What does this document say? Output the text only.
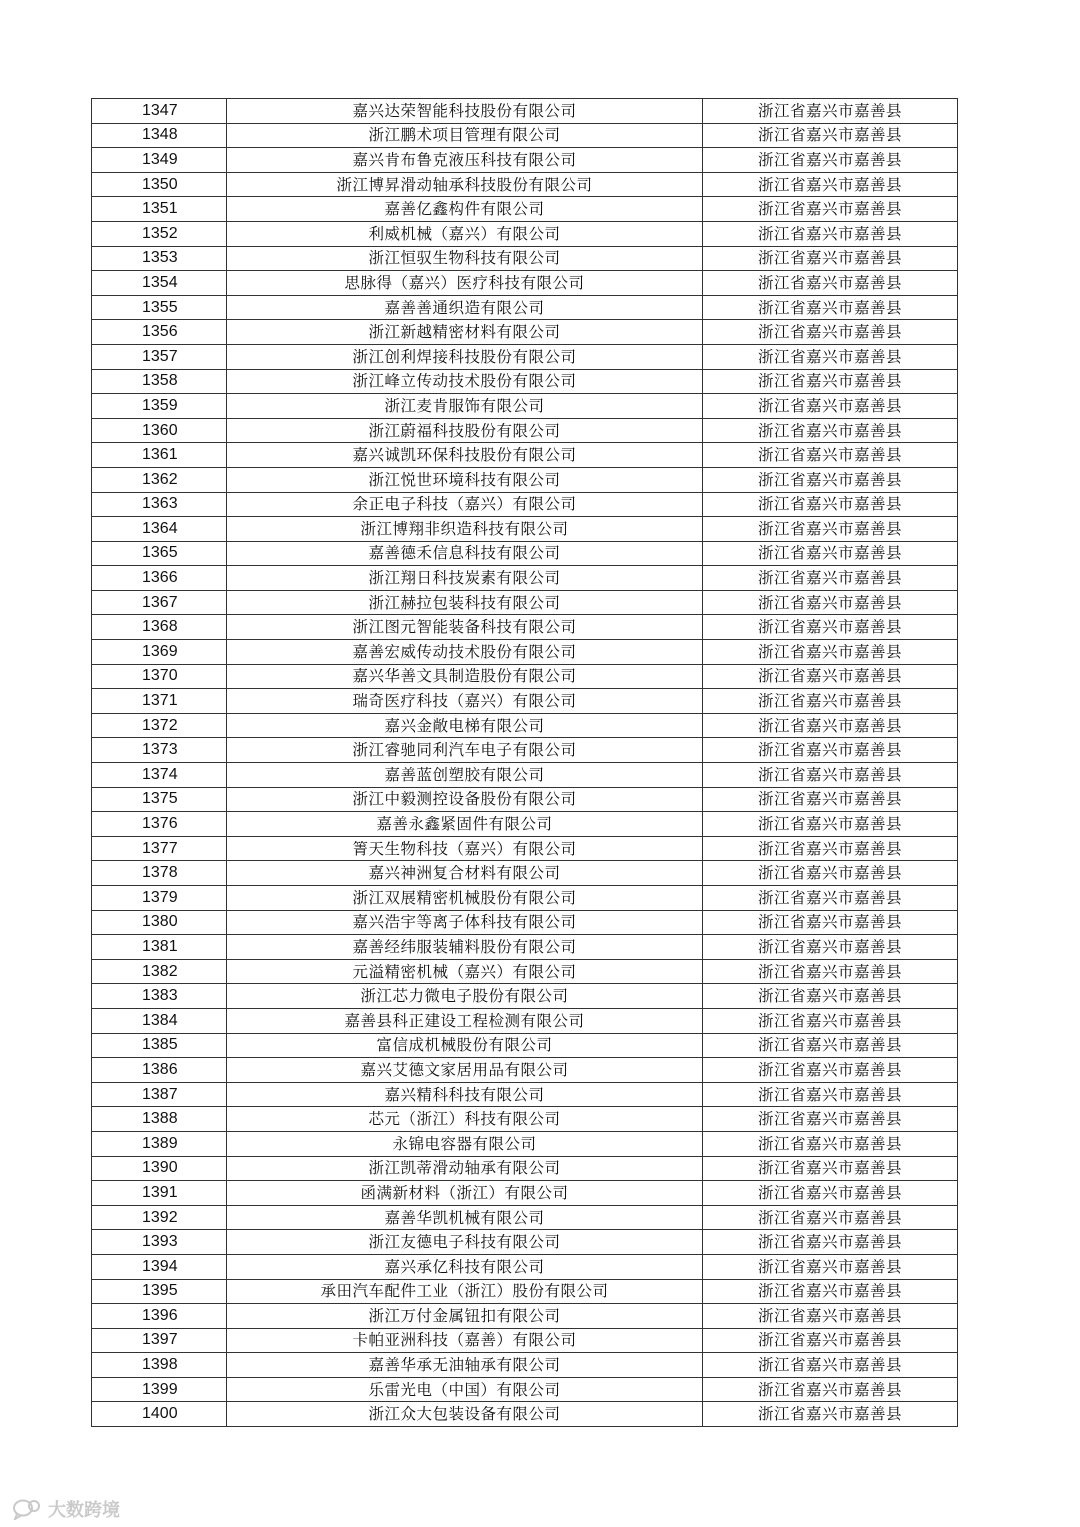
1347	嘉兴达荣智能科技股份有限公司	浙江省嘉兴市嘉善县
1348	浙江鹏术项目管理有限公司	浙江省嘉兴市嘉善县
1349	嘉兴肯布鲁克液压科技有限公司	浙江省嘉兴市嘉善县
1350	浙江博昇滑动轴承科技股份有限公司	浙江省嘉兴市嘉善县
1351	嘉善亿鑫构件有限公司	浙江省嘉兴市嘉善县
1352	利威机械（嘉兴）有限公司	浙江省嘉兴市嘉善县
1353	浙江恒驭生物科技有限公司	浙江省嘉兴市嘉善县
1354	思脉得（嘉兴）医疗科技有限公司	浙江省嘉兴市嘉善县
1355	嘉善善通织造有限公司	浙江省嘉兴市嘉善县
1356	浙江新越精密材料有限公司	浙江省嘉兴市嘉善县
1357	浙江创利焊接科技股份有限公司	浙江省嘉兴市嘉善县
1358	浙江峰立传动技术股份有限公司	浙江省嘉兴市嘉善县
1359	浙江麦肯服饰有限公司	浙江省嘉兴市嘉善县
1360	浙江蔚福科技股份有限公司	浙江省嘉兴市嘉善县
1361	嘉兴诚凯环保科技股份有限公司	浙江省嘉兴市嘉善县
1362	浙江悦世环境科技有限公司	浙江省嘉兴市嘉善县
1363	余正电子科技（嘉兴）有限公司	浙江省嘉兴市嘉善县
1364	浙江博翔非织造科技有限公司	浙江省嘉兴市嘉善县
1365	嘉善德禾信息科技有限公司	浙江省嘉兴市嘉善县
1366	浙江翔日科技炭素有限公司	浙江省嘉兴市嘉善县
1367	浙江赫拉包装科技有限公司	浙江省嘉兴市嘉善县
1368	浙江图元智能装备科技有限公司	浙江省嘉兴市嘉善县
1369	嘉善宏威传动技术股份有限公司	浙江省嘉兴市嘉善县
1370	嘉兴华善文具制造股份有限公司	浙江省嘉兴市嘉善县
1371	瑞奇医疗科技（嘉兴）有限公司	浙江省嘉兴市嘉善县
1372	嘉兴金敞电梯有限公司	浙江省嘉兴市嘉善县
1373	浙江睿驰同利汽车电子有限公司	浙江省嘉兴市嘉善县
1374	嘉善蓝创塑胶有限公司	浙江省嘉兴市嘉善县
1375	浙江中毅测控设备股份有限公司	浙江省嘉兴市嘉善县
1376	嘉善永鑫紧固件有限公司	浙江省嘉兴市嘉善县
1377	箐天生物科技（嘉兴）有限公司	浙江省嘉兴市嘉善县
1378	嘉兴神洲复合材料有限公司	浙江省嘉兴市嘉善县
1379	浙江双展精密机械股份有限公司	浙江省嘉兴市嘉善县
1380	嘉兴浩宇等离子体科技有限公司	浙江省嘉兴市嘉善县
1381	嘉善经纬服装辅料股份有限公司	浙江省嘉兴市嘉善县
1382	元溢精密机械（嘉兴）有限公司	浙江省嘉兴市嘉善县
1383	浙江芯力微电子股份有限公司	浙江省嘉兴市嘉善县
1384	嘉善县科正建设工程检测有限公司	浙江省嘉兴市嘉善县
1385	富信成机械股份有限公司	浙江省嘉兴市嘉善县
1386	嘉兴艾德文家居用品有限公司	浙江省嘉兴市嘉善县
1387	嘉兴精科科技有限公司	浙江省嘉兴市嘉善县
1388	芯元（浙江）科技有限公司	浙江省嘉兴市嘉善县
1389	永锦电容器有限公司	浙江省嘉兴市嘉善县
1390	浙江凯蒂滑动轴承有限公司	浙江省嘉兴市嘉善县
1391	函满新材料（浙江）有限公司	浙江省嘉兴市嘉善县
1392	嘉善华凯机械有限公司	浙江省嘉兴市嘉善县
1393	浙江友德电子科技有限公司	浙江省嘉兴市嘉善县
1394	嘉兴承亿科技有限公司	浙江省嘉兴市嘉善县
1395	承田汽车配件工业（浙江）股份有限公司	浙江省嘉兴市嘉善县
1396	浙江万付金属钮扣有限公司	浙江省嘉兴市嘉善县
1397	卡帕亚洲科技（嘉善）有限公司	浙江省嘉兴市嘉善县
1398	嘉善华承无油轴承有限公司	浙江省嘉兴市嘉善县
1399	乐雷光电（中国）有限公司	浙江省嘉兴市嘉善县
1400	浙江众大包装设备有限公司	浙江省嘉兴市嘉善县
大数跨境
